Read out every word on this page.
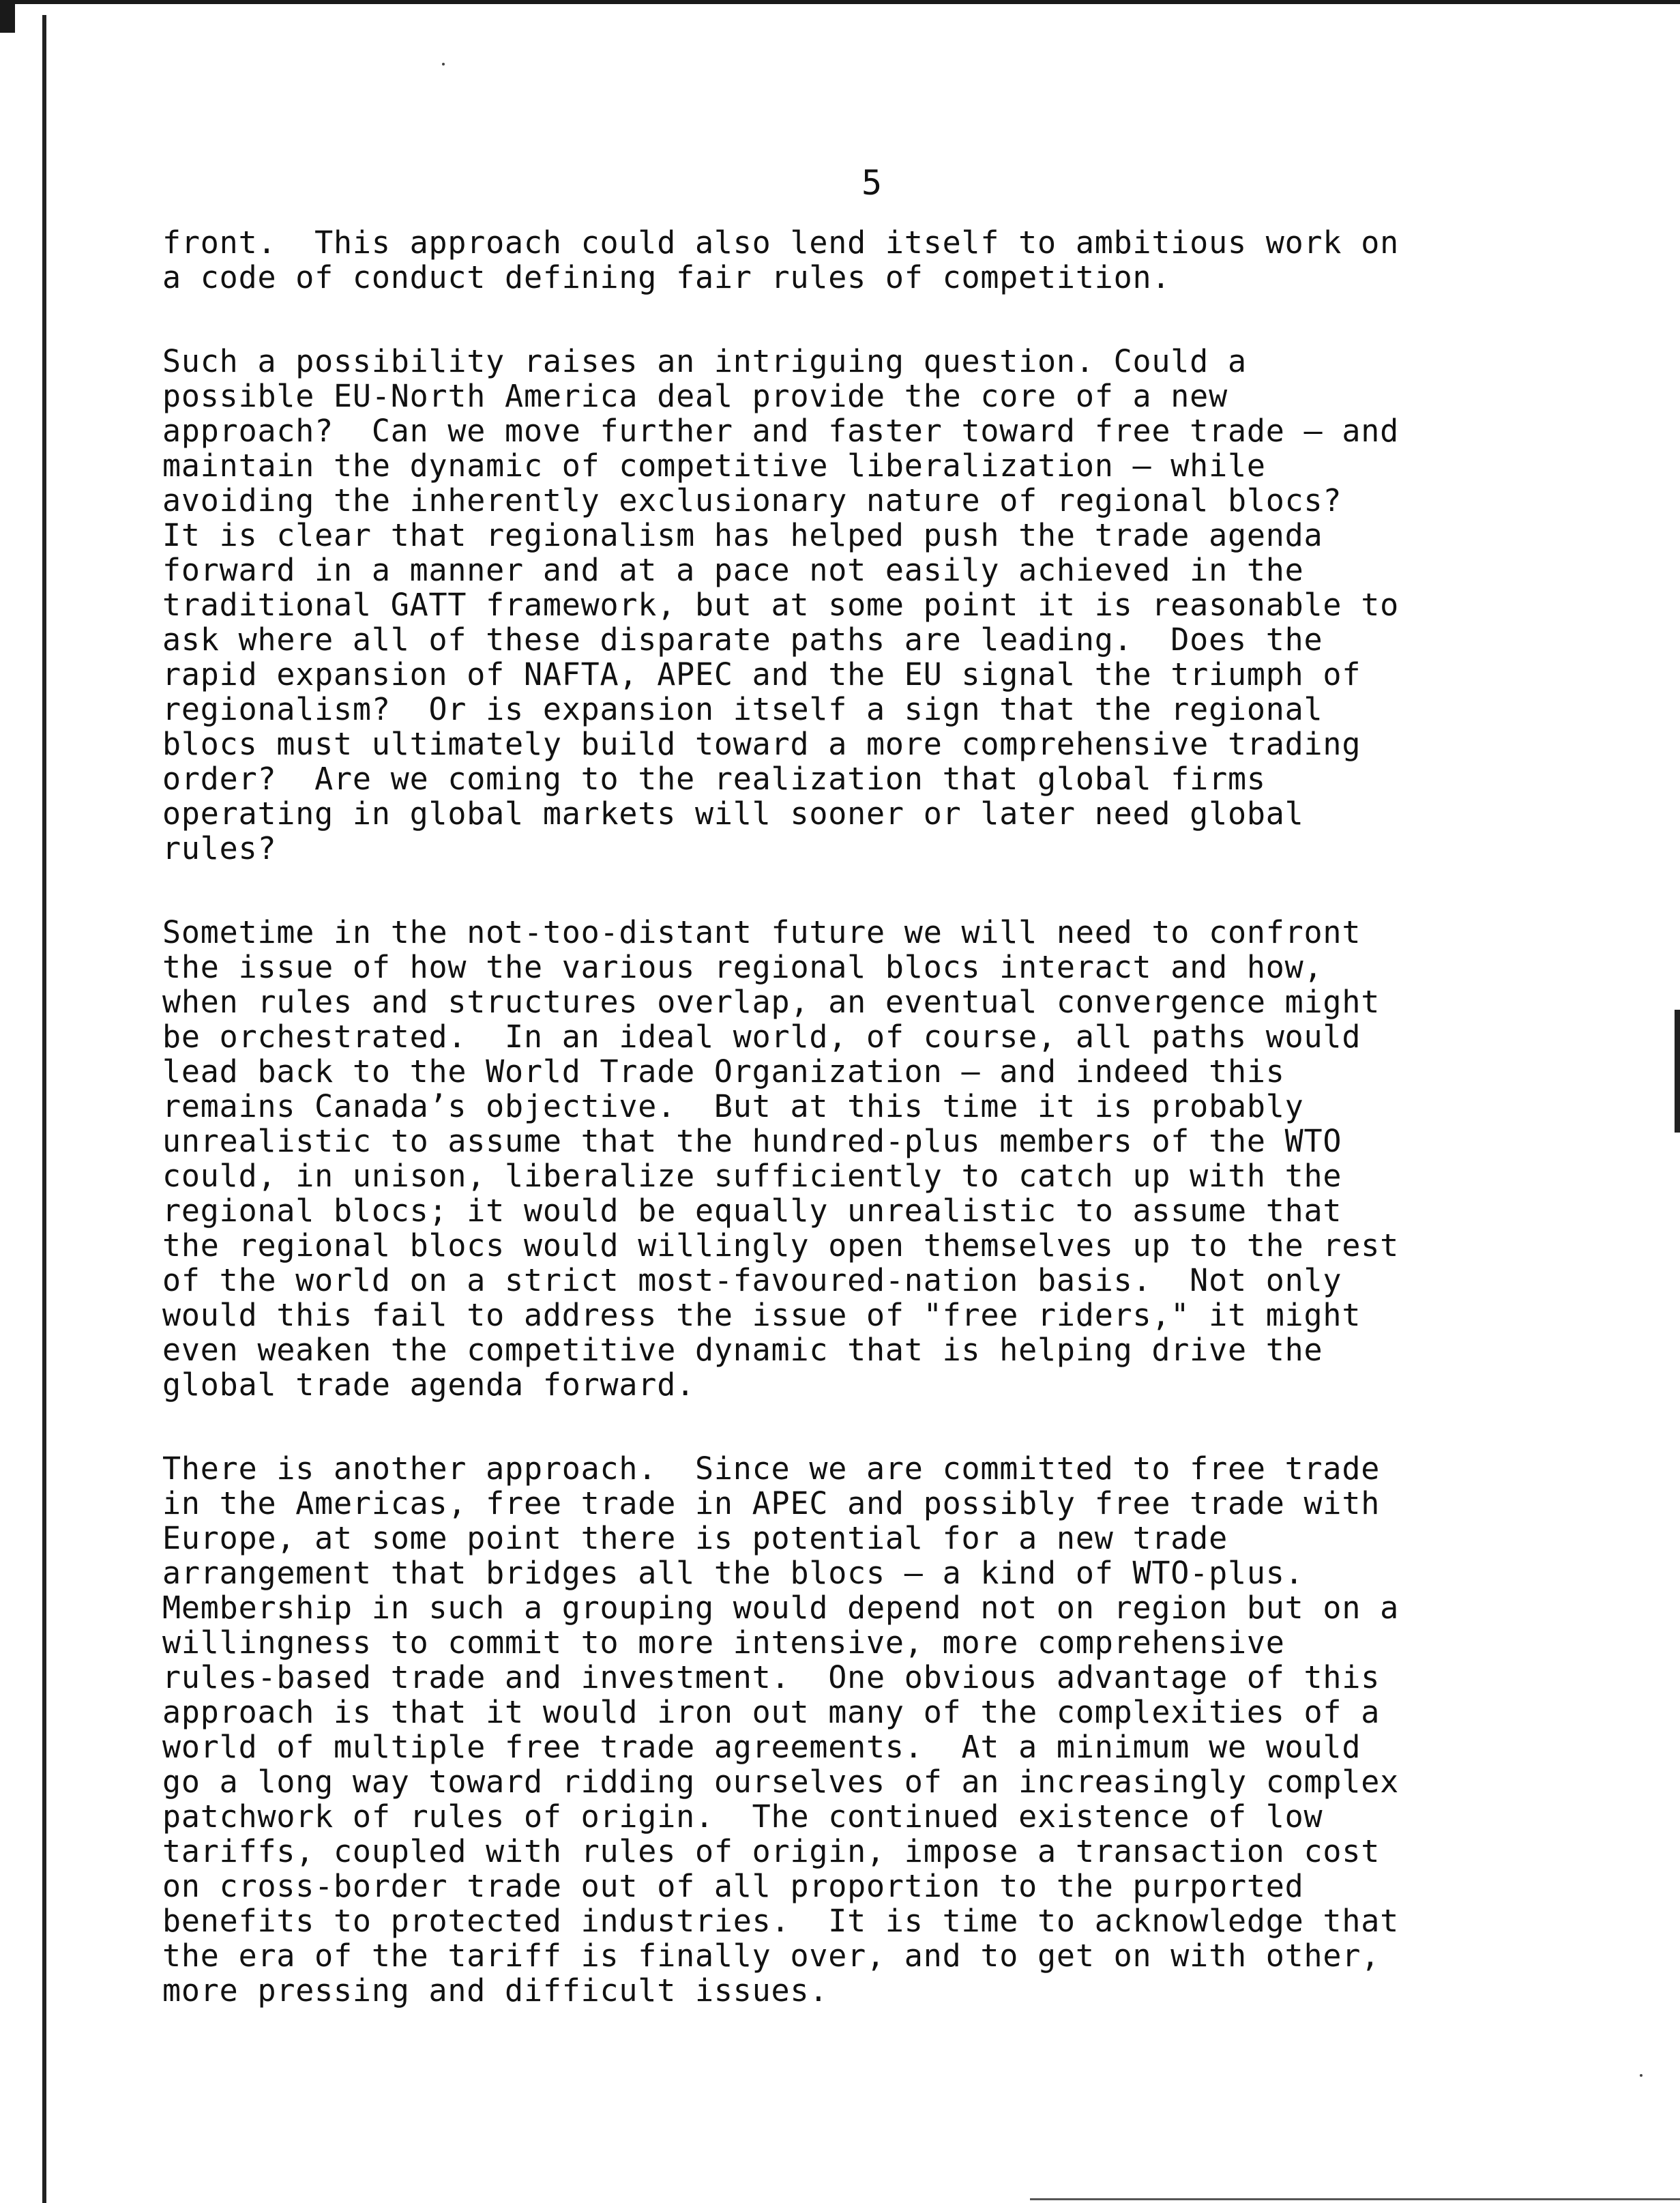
5
front.  This approach could also lend itself to ambitious work on
a code of conduct defining fair rules of competition.
Such a possibility raises an intriguing question. Could a
possible EU-North America deal provide the core of a new
approach?  Can we move further and faster toward free trade — and
maintain the dynamic of competitive liberalization — while
avoiding the inherently exclusionary nature of regional blocs?
It is clear that regionalism has helped push the trade agenda
forward in a manner and at a pace not easily achieved in the
traditional GATT framework, but at some point it is reasonable to
ask where all of these disparate paths are leading.  Does the
rapid expansion of NAFTA, APEC and the EU signal the triumph of
regionalism?  Or is expansion itself a sign that the regional
blocs must ultimately build toward a more comprehensive trading
order?  Are we coming to the realization that global firms
operating in global markets will sooner or later need global
rules?
Sometime in the not-too-distant future we will need to confront
the issue of how the various regional blocs interact and how,
when rules and structures overlap, an eventual convergence might
be orchestrated.  In an ideal world, of course, all paths would
lead back to the World Trade Organization — and indeed this
remains Canada’s objective.  But at this time it is probably
unrealistic to assume that the hundred-plus members of the WTO
could, in unison, liberalize sufficiently to catch up with the
regional blocs; it would be equally unrealistic to assume that
the regional blocs would willingly open themselves up to the rest
of the world on a strict most-favoured-nation basis.  Not only
would this fail to address the issue of "free riders," it might
even weaken the competitive dynamic that is helping drive the
global trade agenda forward.
There is another approach.  Since we are committed to free trade
in the Americas, free trade in APEC and possibly free trade with
Europe, at some point there is potential for a new trade
arrangement that bridges all the blocs — a kind of WTO-plus.
Membership in such a grouping would depend not on region but on a
willingness to commit to more intensive, more comprehensive
rules-based trade and investment.  One obvious advantage of this
approach is that it would iron out many of the complexities of a
world of multiple free trade agreements.  At a minimum we would
go a long way toward ridding ourselves of an increasingly complex
patchwork of rules of origin.  The continued existence of low
tariffs, coupled with rules of origin, impose a transaction cost
on cross-border trade out of all proportion to the purported
benefits to protected industries.  It is time to acknowledge that
the era of the tariff is finally over, and to get on with other,
more pressing and difficult issues.
